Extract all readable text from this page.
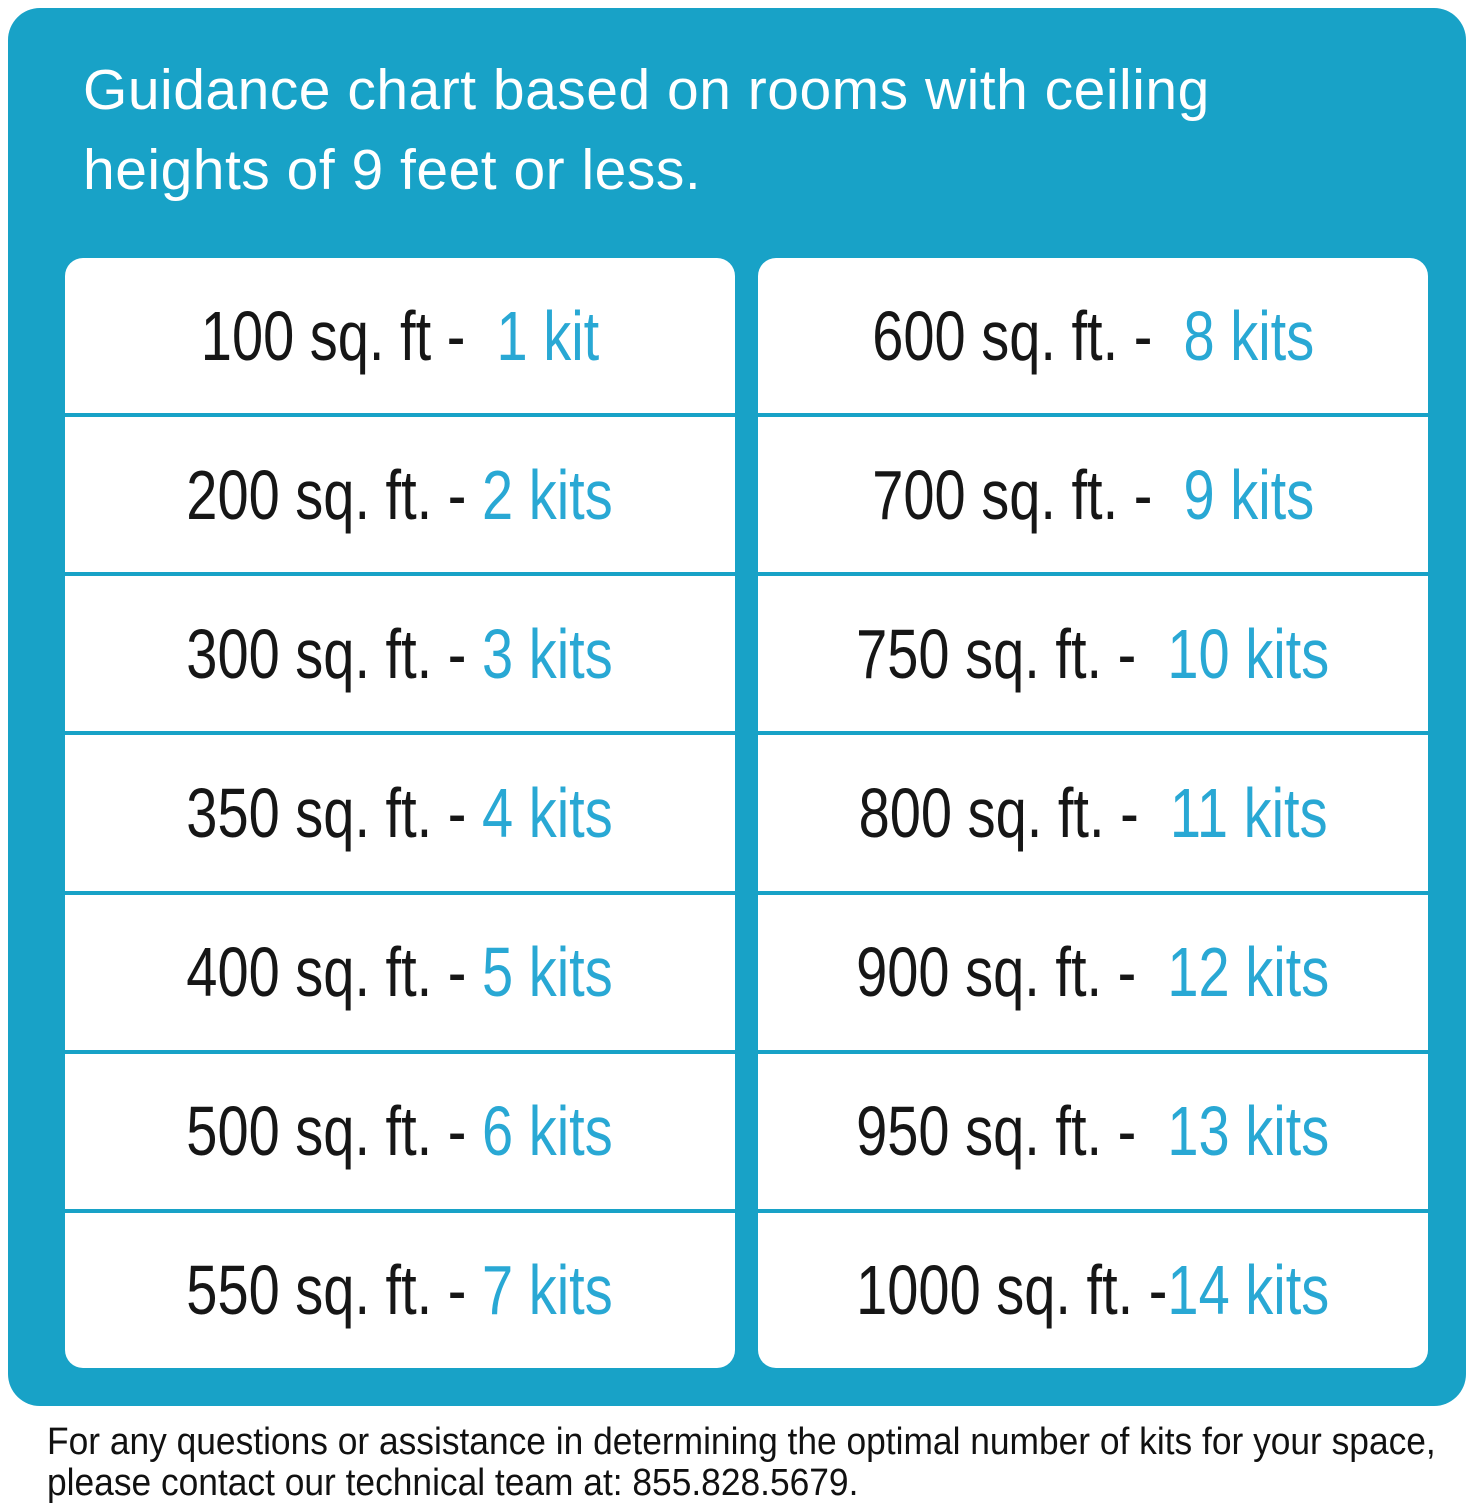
Guidance chart based on rooms with ceiling
heights of 9 feet or less.
100 sq. ft - 1 kit
200 sq. ft. - 2 kits
300 sq. ft. - 3 kits
350 sq. ft. - 4 kits
400 sq. ft. - 5 kits
500 sq. ft. - 6 kits
550 sq. ft. - 7 kits
600 sq. ft. - 8 kits
700 sq. ft. - 9 kits
750 sq. ft. - 10 kits
800 sq. ft. - 11 kits
900 sq. ft. - 12 kits
950 sq. ft. - 13 kits
1000 sq. ft. - 14 kits
For any questions or assistance in determining the optimal number of kits for your space,
please contact our technical team at: 855.828.5679.
